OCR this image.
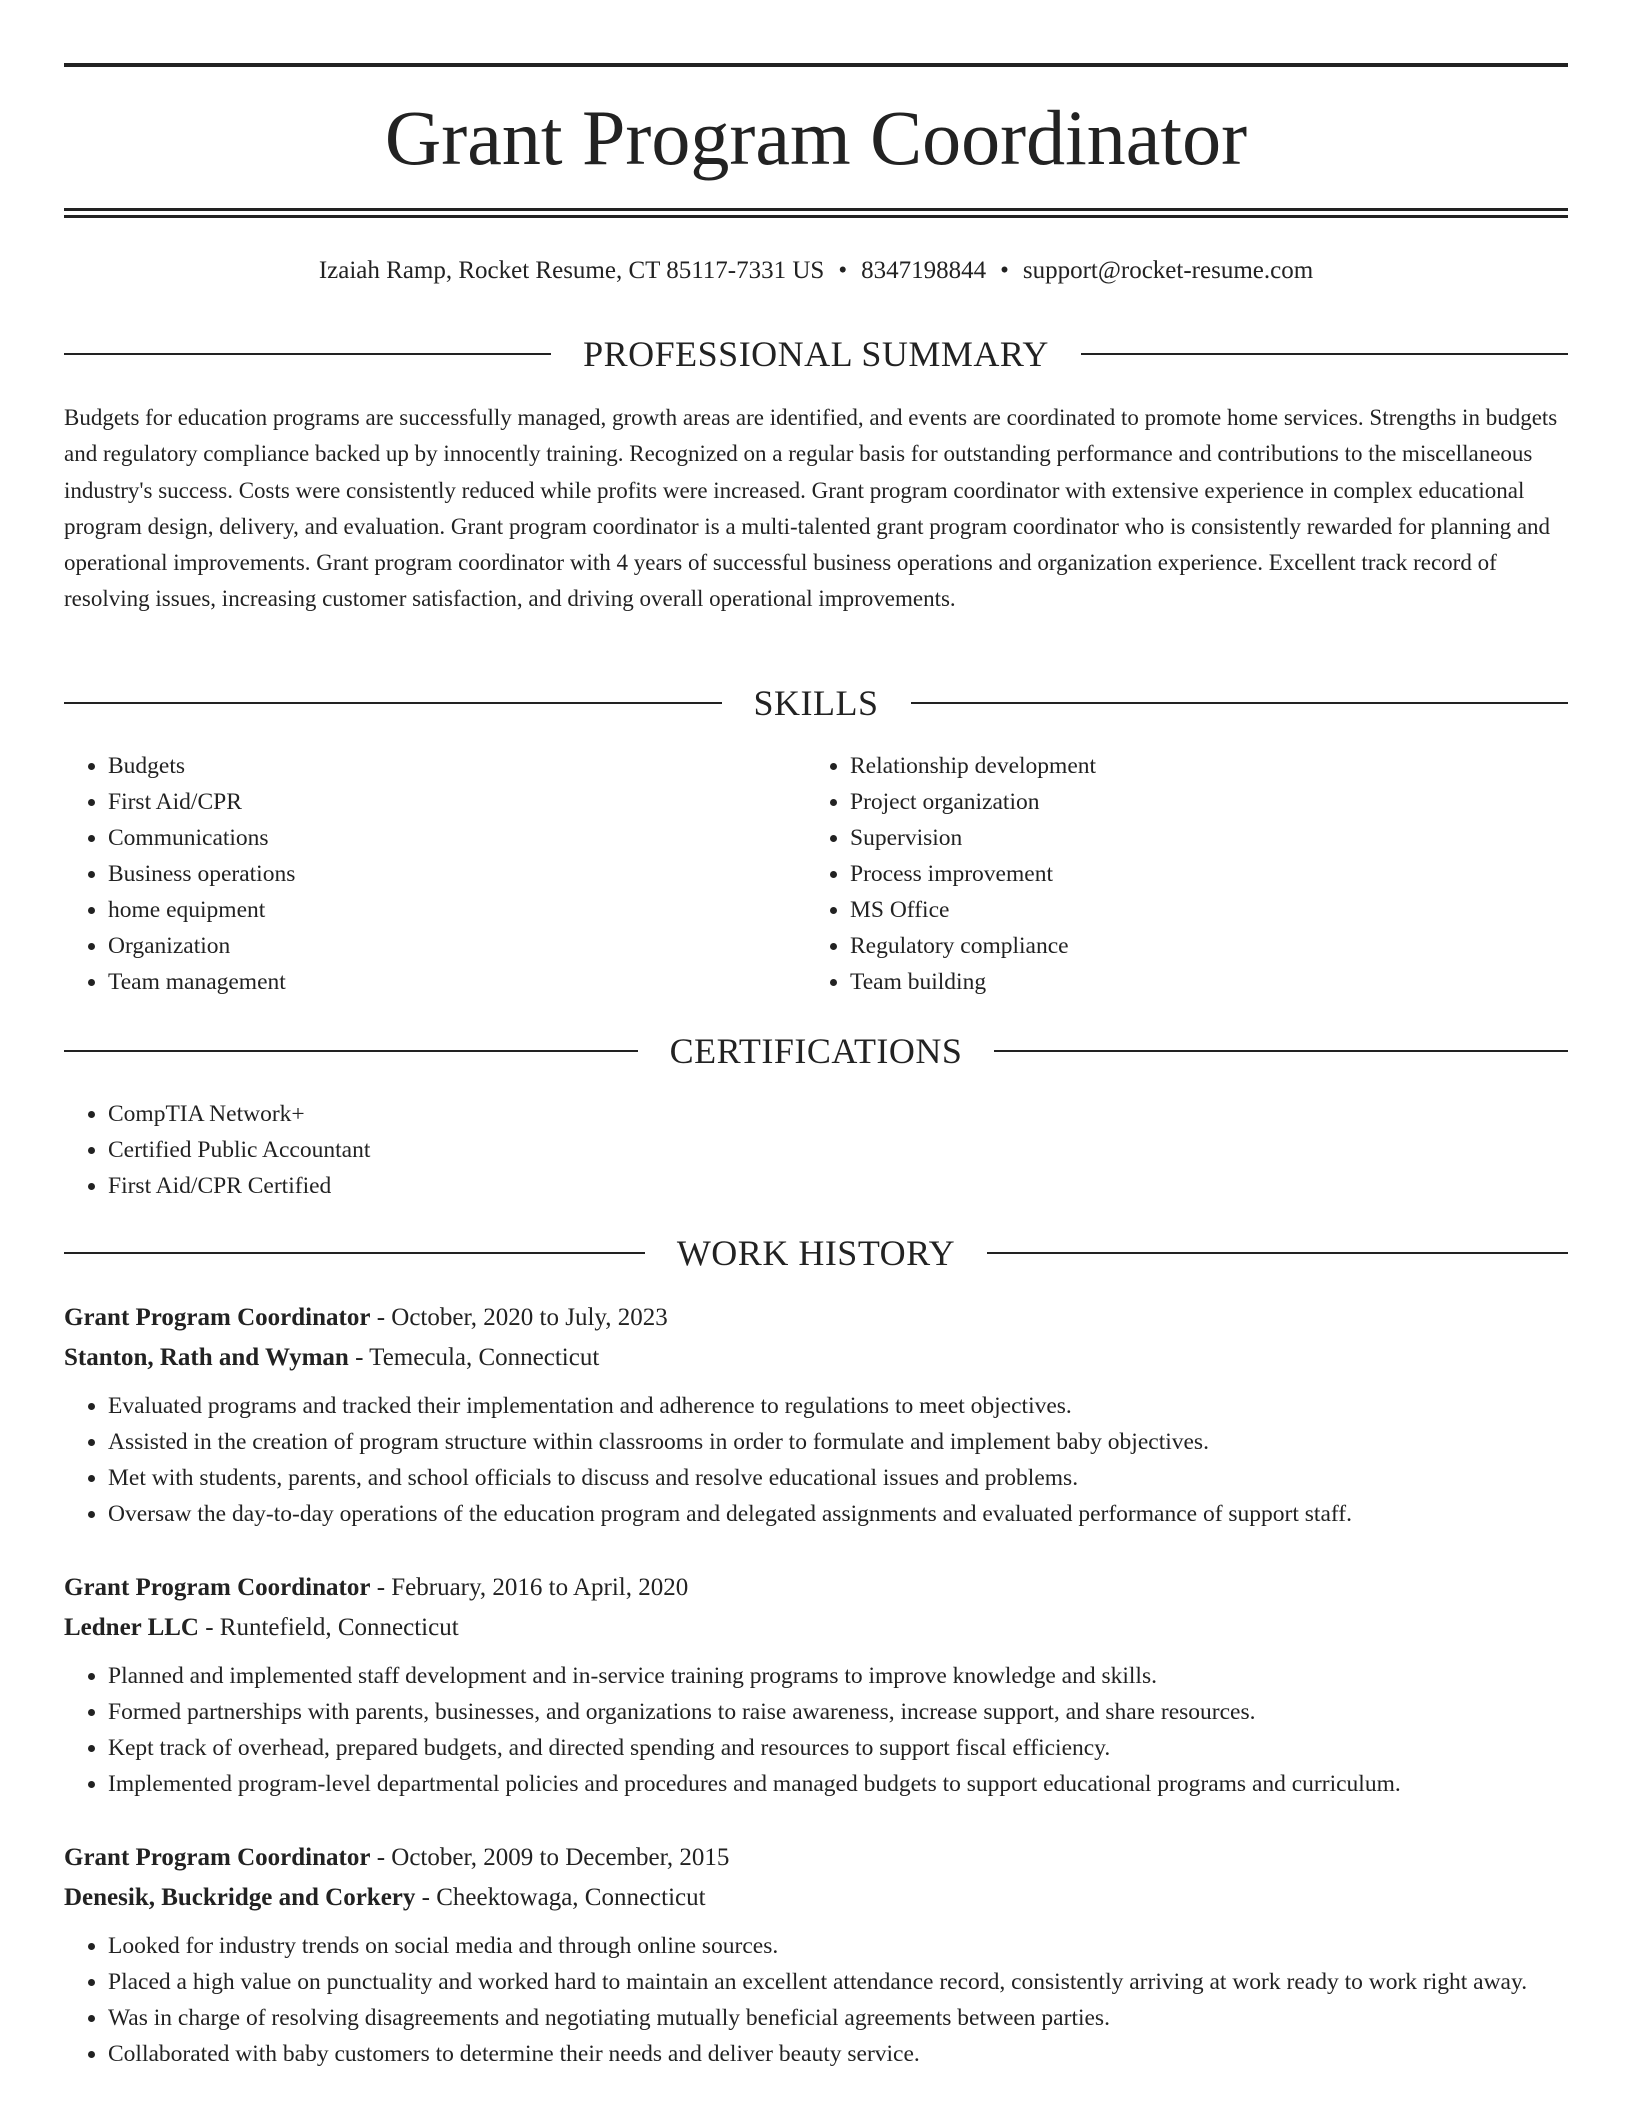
Grant Program Coordinator
Izaiah Ramp, Rocket Resume, CT 85117-7331 US • 8347198844 • support@rocket-resume.com
PROFESSIONAL SUMMARY

Budgets for education programs are successfully managed, growth areas are identified, and events are coordinated to promote home services. Strengths in budgets and regulatory compliance backed up by innocently training. Recognized on a regular basis for outstanding performance and contributions to the miscellaneous industry's success. Costs were consistently reduced while profits were increased. Grant program coordinator with extensive experience in complex educational program design, delivery, and evaluation. Grant program coordinator is a multi-talented grant program coordinator who is consistently rewarded for planning and operational improvements. Grant program coordinator with 4 years of successful business operations and organization experience. Excellent track record of resolving issues, increasing customer satisfaction, and driving overall operational improvements.

SKILLS
• Budgets
• First Aid/CPR
• Communications
• Business operations
• home equipment
• Organization
• Team management
• Relationship development
• Project organization
• Supervision
• Process improvement
• MS Office
• Regulatory compliance
• Team building
CERTIFICATIONS
• CompTIA Network+
• Certified Public Accountant
• First Aid/CPR Certified
WORK HISTORY
Grant Program Coordinator - October, 2020 to July, 2023
Stanton, Rath and Wyman - Temecula, Connecticut
• Evaluated programs and tracked their implementation and adherence to regulations to meet objectives.
• Assisted in the creation of program structure within classrooms in order to formulate and implement baby objectives.
• Met with students, parents, and school officials to discuss and resolve educational issues and problems.
• Oversaw the day-to-day operations of the education program and delegated assignments and evaluated performance of support staff.
Grant Program Coordinator - February, 2016 to April, 2020
Ledner LLC - Runtefield, Connecticut
• Planned and implemented staff development and in-service training programs to improve knowledge and skills.
• Formed partnerships with parents, businesses, and organizations to raise awareness, increase support, and share resources.
• Kept track of overhead, prepared budgets, and directed spending and resources to support fiscal efficiency.
• Implemented program-level departmental policies and procedures and managed budgets to support educational programs and curriculum.
Grant Program Coordinator - October, 2009 to December, 2015
Denesik, Buckridge and Corkery - Cheektowaga, Connecticut
• Looked for industry trends on social media and through online sources.
• Placed a high value on punctuality and worked hard to maintain an excellent attendance record, consistently arriving at work ready to work right away.
• Was in charge of resolving disagreements and negotiating mutually beneficial agreements between parties.
• Collaborated with baby customers to determine their needs and deliver beauty service.
